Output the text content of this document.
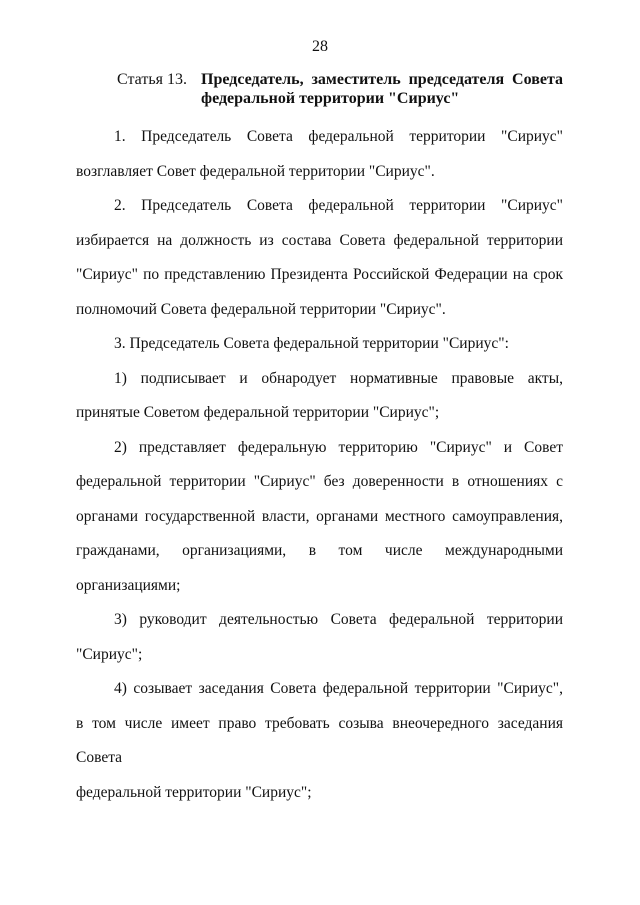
28
Статья 13. Председатель, заместитель председателя Совета
федеральной территории "Сириус"
1. Председатель Совета федеральной территории "Сириус"
возглавляет Совет федеральной территории "Сириус".
2. Председатель Совета федеральной территории "Сириус"
избирается на должность из состава Совета федеральной территории
"Сириус" по представлению Президента Российской Федерации на срок
полномочий Совета федеральной территории "Сириус".
3. Председатель Совета федеральной территории "Сириус":
1) подписывает и обнародует нормативные правовые акты,
принятые Советом федеральной территории "Сириус";
2) представляет федеральную территорию "Сириус" и Совет
федеральной территории "Сириус" без доверенности в отношениях с
органами государственной власти, органами местного самоуправления,
гражданами, организациями, в том числе международными
организациями;
3) руководит деятельностью Совета федеральной территории
"Сириус";
4) созывает заседания Совета федеральной территории "Сириус",
в том числе имеет право требовать созыва внеочередного заседания Совета
федеральной территории "Сириус";
